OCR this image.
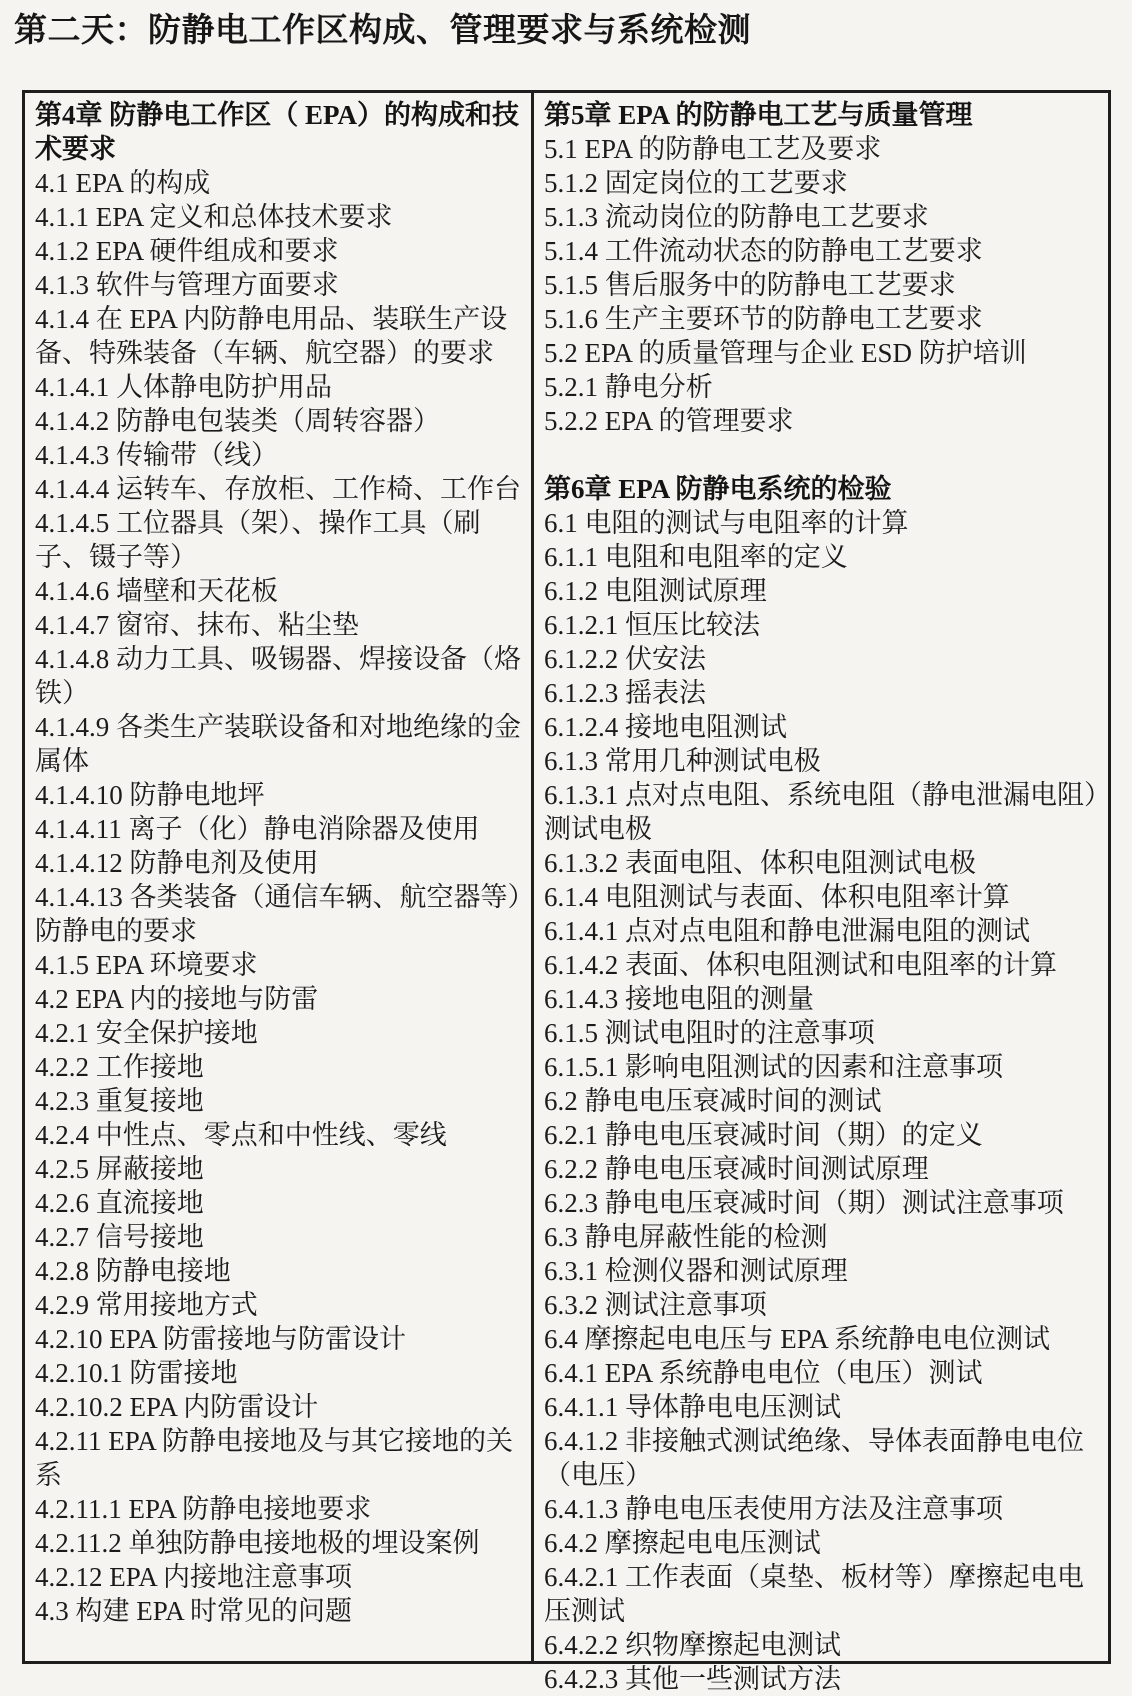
第二天：防静电工作区构成、管理要求与系统检测
第4章 防静电工作区（ EPA）的构成和技术要求
4.1 EPA 的构成
4.1.1 EPA 定义和总体技术要求
4.1.2 EPA 硬件组成和要求
4.1.3 软件与管理方面要求
4.1.4 在 EPA 内防静电用品、装联生产设备、特殊装备（车辆、航空器）的要求
4.1.4.1 人体静电防护用品
4.1.4.2 防静电包装类（周转容器）
4.1.4.3 传输带（线）
4.1.4.4 运转车、存放柜、工作椅、工作台
4.1.4.5 工位器具（架）、操作工具（刷子、镊子等）
4.1.4.6 墙壁和天花板
4.1.4.7 窗帘、抹布、粘尘垫
4.1.4.8 动力工具、吸锡器、焊接设备（烙铁）
4.1.4.9 各类生产装联设备和对地绝缘的金属体
4.1.4.10 防静电地坪
4.1.4.11 离子（化）静电消除器及使用
4.1.4.12 防静电剂及使用
4.1.4.13 各类装备（通信车辆、航空器等）防静电的要求
4.1.5 EPA 环境要求
4.2 EPA 内的接地与防雷
4.2.1 安全保护接地
4.2.2 工作接地
4.2.3 重复接地
4.2.4 中性点、零点和中性线、零线
4.2.5 屏蔽接地
4.2.6 直流接地
4.2.7 信号接地
4.2.8 防静电接地
4.2.9 常用接地方式
4.2.10 EPA 防雷接地与防雷设计
4.2.10.1 防雷接地
4.2.10.2 EPA 内防雷设计
4.2.11 EPA 防静电接地及与其它接地的关系
4.2.11.1 EPA 防静电接地要求
4.2.11.2 单独防静电接地极的埋设案例
4.2.12 EPA 内接地注意事项
4.3 构建 EPA 时常见的问题
第5章 EPA 的防静电工艺与质量管理
5.1 EPA 的防静电工艺及要求
5.1.2 固定岗位的工艺要求
5.1.3 流动岗位的防静电工艺要求
5.1.4 工件流动状态的防静电工艺要求
5.1.5 售后服务中的防静电工艺要求
5.1.6 生产主要环节的防静电工艺要求
5.2 EPA 的质量管理与企业 ESD 防护培训
5.2.1 静电分析
5.2.2 EPA 的管理要求
第6章 EPA 防静电系统的检验
6.1 电阻的测试与电阻率的计算
6.1.1 电阻和电阻率的定义
6.1.2 电阻测试原理
6.1.2.1 恒压比较法
6.1.2.2 伏安法
6.1.2.3 摇表法
6.1.2.4 接地电阻测试
6.1.3 常用几种测试电极
6.1.3.1 点对点电阻、系统电阻（静电泄漏电阻）测试电极
6.1.3.2 表面电阻、体积电阻测试电极
6.1.4 电阻测试与表面、体积电阻率计算
6.1.4.1 点对点电阻和静电泄漏电阻的测试
6.1.4.2 表面、体积电阻测试和电阻率的计算
6.1.4.3 接地电阻的测量
6.1.5 测试电阻时的注意事项
6.1.5.1 影响电阻测试的因素和注意事项
6.2 静电电压衰减时间的测试
6.2.1 静电电压衰减时间（期）的定义
6.2.2 静电电压衰减时间测试原理
6.2.3 静电电压衰减时间（期）测试注意事项
6.3 静电屏蔽性能的检测
6.3.1 检测仪器和测试原理
6.3.2 测试注意事项
6.4 摩擦起电电压与 EPA 系统静电电位测试
6.4.1 EPA 系统静电电位（电压）测试
6.4.1.1 导体静电电压测试
6.4.1.2 非接触式测试绝缘、导体表面静电电位（电压）
6.4.1.3 静电电压表使用方法及注意事项
6.4.2 摩擦起电电压测试
6.4.2.1 工作表面（桌垫、板材等）摩擦起电电压测试
6.4.2.2 织物摩擦起电测试
6.4.2.3 其他一些测试方法
